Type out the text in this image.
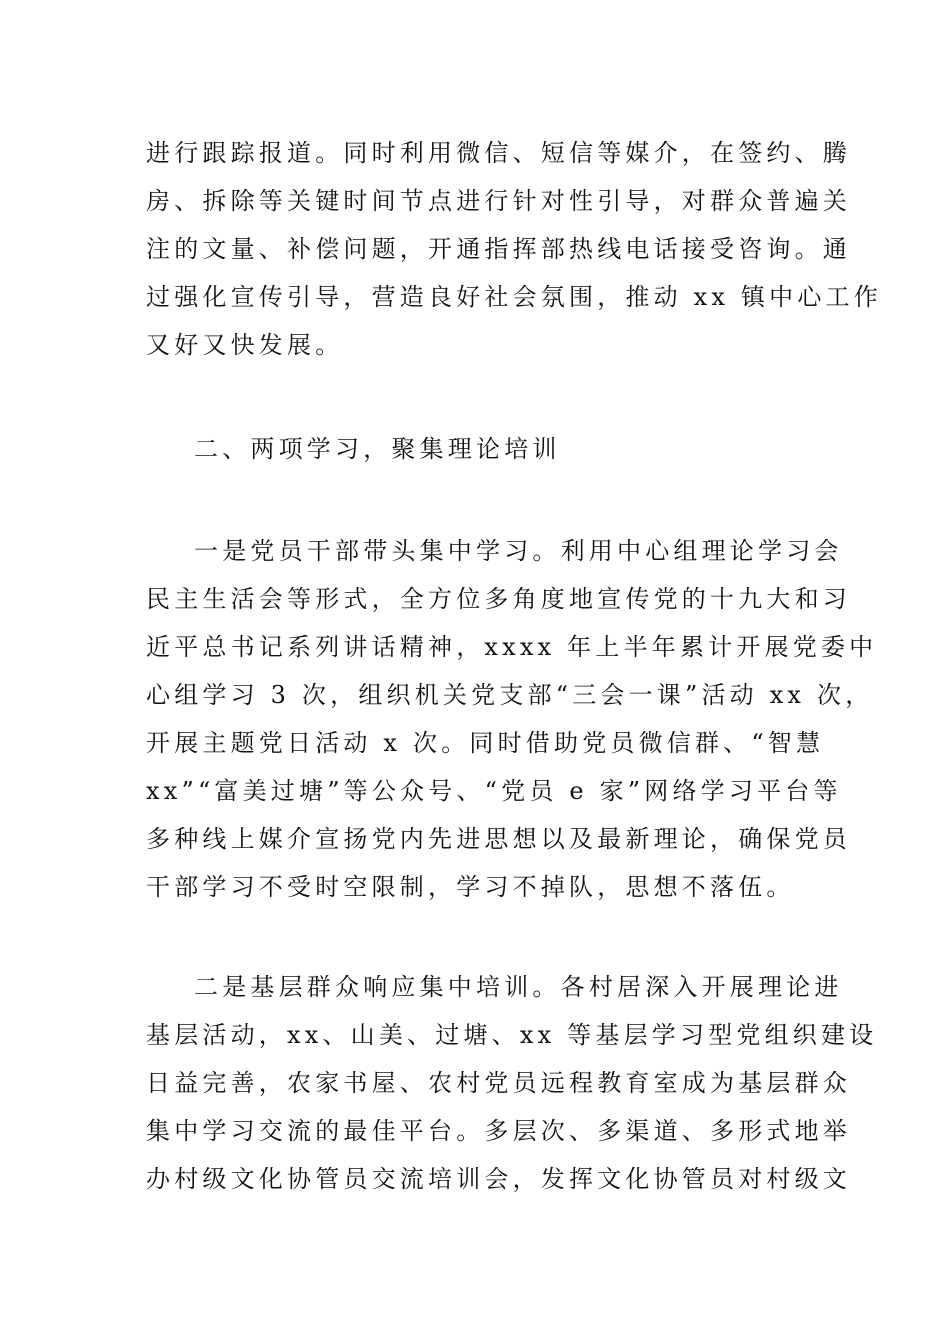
进行跟踪报道。同时利用微信、短信等媒介，在签约、腾
房、拆除等关键时间节点进行针对性引导，对群众普遍关
注的文量、补偿问题，开通指挥部热线电话接受咨询。通
过强化宣传引导，营造良好社会氛围，推动 xx 镇中心工作
又好又快发展。
二、两项学习，聚集理论培训
一是党员干部带头集中学习。利用中心组理论学习会
民主生活会等形式，全方位多角度地宣传党的十九大和习
近平总书记系列讲话精神，xxxx 年上半年累计开展党委中
心组学习 3 次，组织机关党支部“三会一课”活动 xx 次，
开展主题党日活动 x 次。同时借助党员微信群、“智慧
xx”“富美过塘”等公众号、“党员 e 家”网络学习平台等
多种线上媒介宣扬党内先进思想以及最新理论，确保党员
干部学习不受时空限制，学习不掉队，思想不落伍。
二是基层群众响应集中培训。各村居深入开展理论进
基层活动，xx、山美、过塘、xx 等基层学习型党组织建设
日益完善，农家书屋、农村党员远程教育室成为基层群众
集中学习交流的最佳平台。多层次、多渠道、多形式地举
办村级文化协管员交流培训会，发挥文化协管员对村级文
